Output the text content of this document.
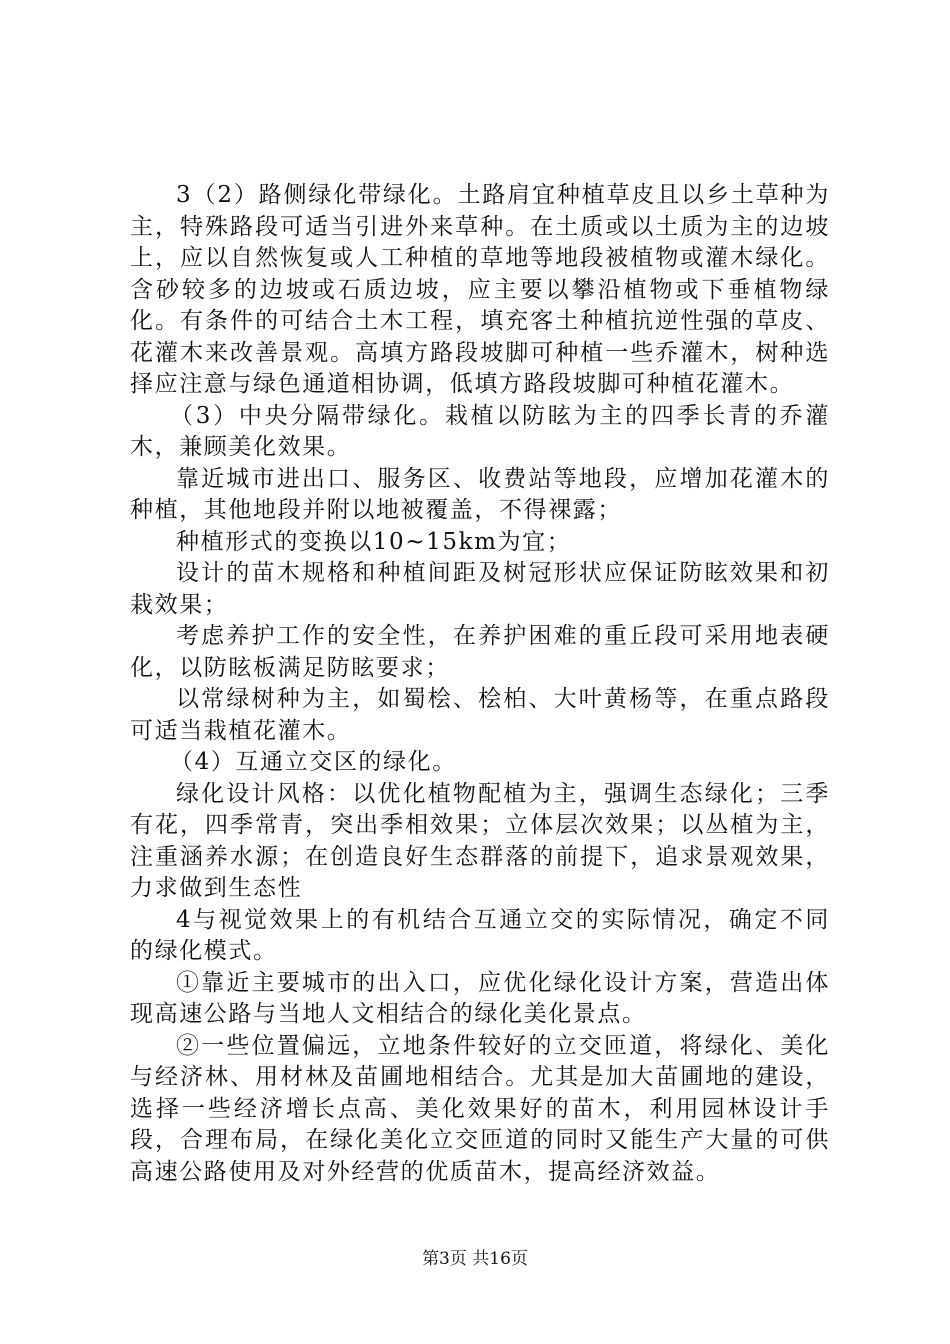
3（2）路侧绿化带绿化。土路肩宜种植草皮且以乡土草种为主，特殊路段可适当引进外来草种。在土质或以土质为主的边坡上，应以自然恢复或人工种植的草地等地段被植物或灌木绿化。含砂较多的边坡或石质边坡，应主要以攀沿植物或下垂植物绿化。有条件的可结合土木工程，填充客土种植抗逆性强的草皮、花灌木来改善景观。高填方路段坡脚可种植一些乔灌木，树种选择应注意与绿色通道相协调，低填方路段坡脚可种植花灌木。

（3）中央分隔带绿化。栽植以防眩为主的四季长青的乔灌木，兼顾美化效果。

靠近城市进出口、服务区、收费站等地段，应增加花灌木的种植，其他地段并附以地被覆盖，不得裸露；

种植形式的变换以10~15km为宜；

设计的苗木规格和种植间距及树冠形状应保证防眩效果和初栽效果；

考虑养护工作的安全性，在养护困难的重丘段可采用地表硬化，以防眩板满足防眩要求；

以常绿树种为主，如蜀桧、桧柏、大叶黄杨等，在重点路段可适当栽植花灌木。

（4）互通立交区的绿化。

绿化设计风格：以优化植物配植为主，强调生态绿化；三季有花，四季常青，突出季相效果；立体层次效果；以丛植为主，注重涵养水源；在创造良好生态群落的前提下，追求景观效果，力求做到生态性

4与视觉效果上的有机结合互通立交的实际情况，确定不同的绿化模式。

①靠近主要城市的出入口，应优化绿化设计方案，营造出体现高速公路与当地人文相结合的绿化美化景点。

②一些位置偏远，立地条件较好的立交匝道，将绿化、美化与经济林、用材林及苗圃地相结合。尤其是加大苗圃地的建设，选择一些经济增长点高、美化效果好的苗木，利用园林设计手段，合理布局，在绿化美化立交匝道的同时又能生产大量的可供高速公路使用及对外经营的优质苗木，提高经济效益。

第3页 共16页
